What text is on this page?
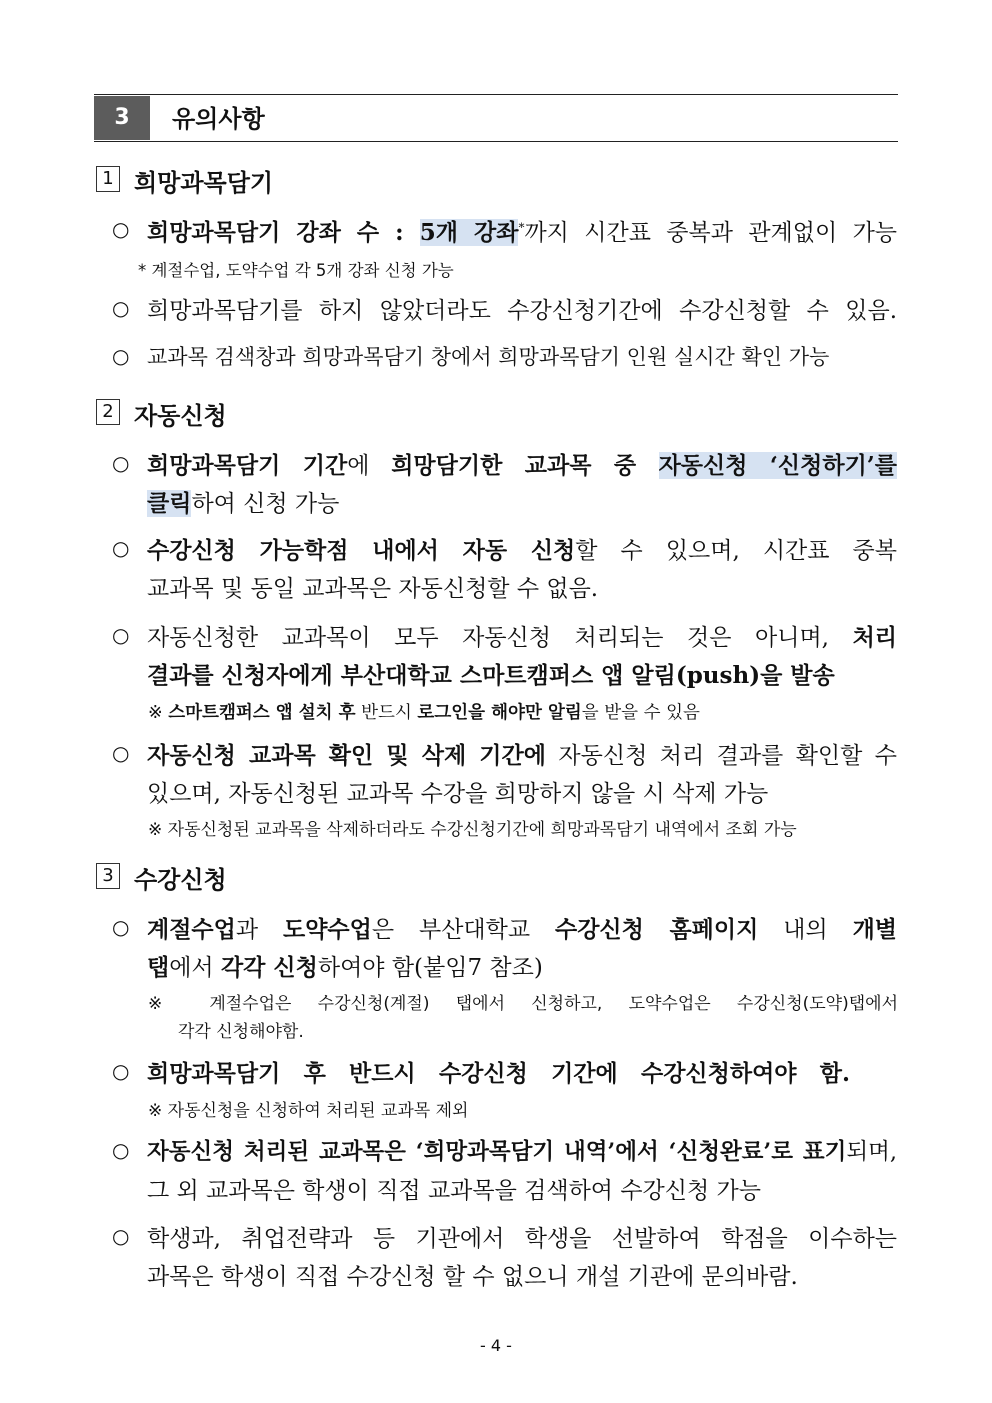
3	유의사항
1 희망과목담기
○ 희망과목담기 강좌 수 : 5개 강좌*까지 시간표 중복과 관계없이 가능
* 계절수업, 도약수업 각 5개 강좌 신청 가능
○ 희망과목담기를 하지 않았더라도 수강신청기간에 수강신청할 수 있음.
○ 교과목 검색창과 희망과목담기 창에서 희망과목담기 인원 실시간 확인 가능
2 자동신청
○ 희망과목담기 기간에 희망담기한 교과목 중 자동신청 ‘신청하기’를
클릭하여 신청 가능
○ 수강신청 가능학점 내에서 자동 신청할 수 있으며, 시간표 중복
교과목 및 동일 교과목은 자동신청할 수 없음.
○ 자동신청한 교과목이 모두 자동신청 처리되는 것은 아니며, 처리
결과를 신청자에게 부산대학교 스마트캠퍼스 앱 알림(push)을 발송
※ 스마트캠퍼스 앱 설치 후 반드시 로그인을 해야만 알림을 받을 수 있음
○ 자동신청 교과목 확인 및 삭제 기간에 자동신청 처리 결과를 확인할 수
있으며, 자동신청된 교과목 수강을 희망하지 않을 시 삭제 가능
※ 자동신청된 교과목을 삭제하더라도 수강신청기간에 희망과목담기 내역에서 조회 가능
3 수강신청
○ 계절수업과 도약수업은 부산대학교 수강신청 홈페이지 내의 개별
탭에서 각각 신청하여야 함(붙임7 참조)
※ 계절수업은 수강신청(계절) 탭에서 신청하고, 도약수업은 수강신청(도약)탭에서
각각 신청해야함.
○ 희망과목담기 후 반드시 수강신청 기간에 수강신청하여야 함.
※ 자동신청을 신청하여 처리된 교과목 제외
○ 자동신청 처리된 교과목은 ‘희망과목담기 내역’에서 ‘신청완료’로 표기되며,
그 외 교과목은 학생이 직접 교과목을 검색하여 수강신청 가능
○ 학생과, 취업전략과 등 기관에서 학생을 선발하여 학점을 이수하는
과목은 학생이 직접 수강신청 할 수 없으니 개설 기관에 문의바람.
- 4 -
